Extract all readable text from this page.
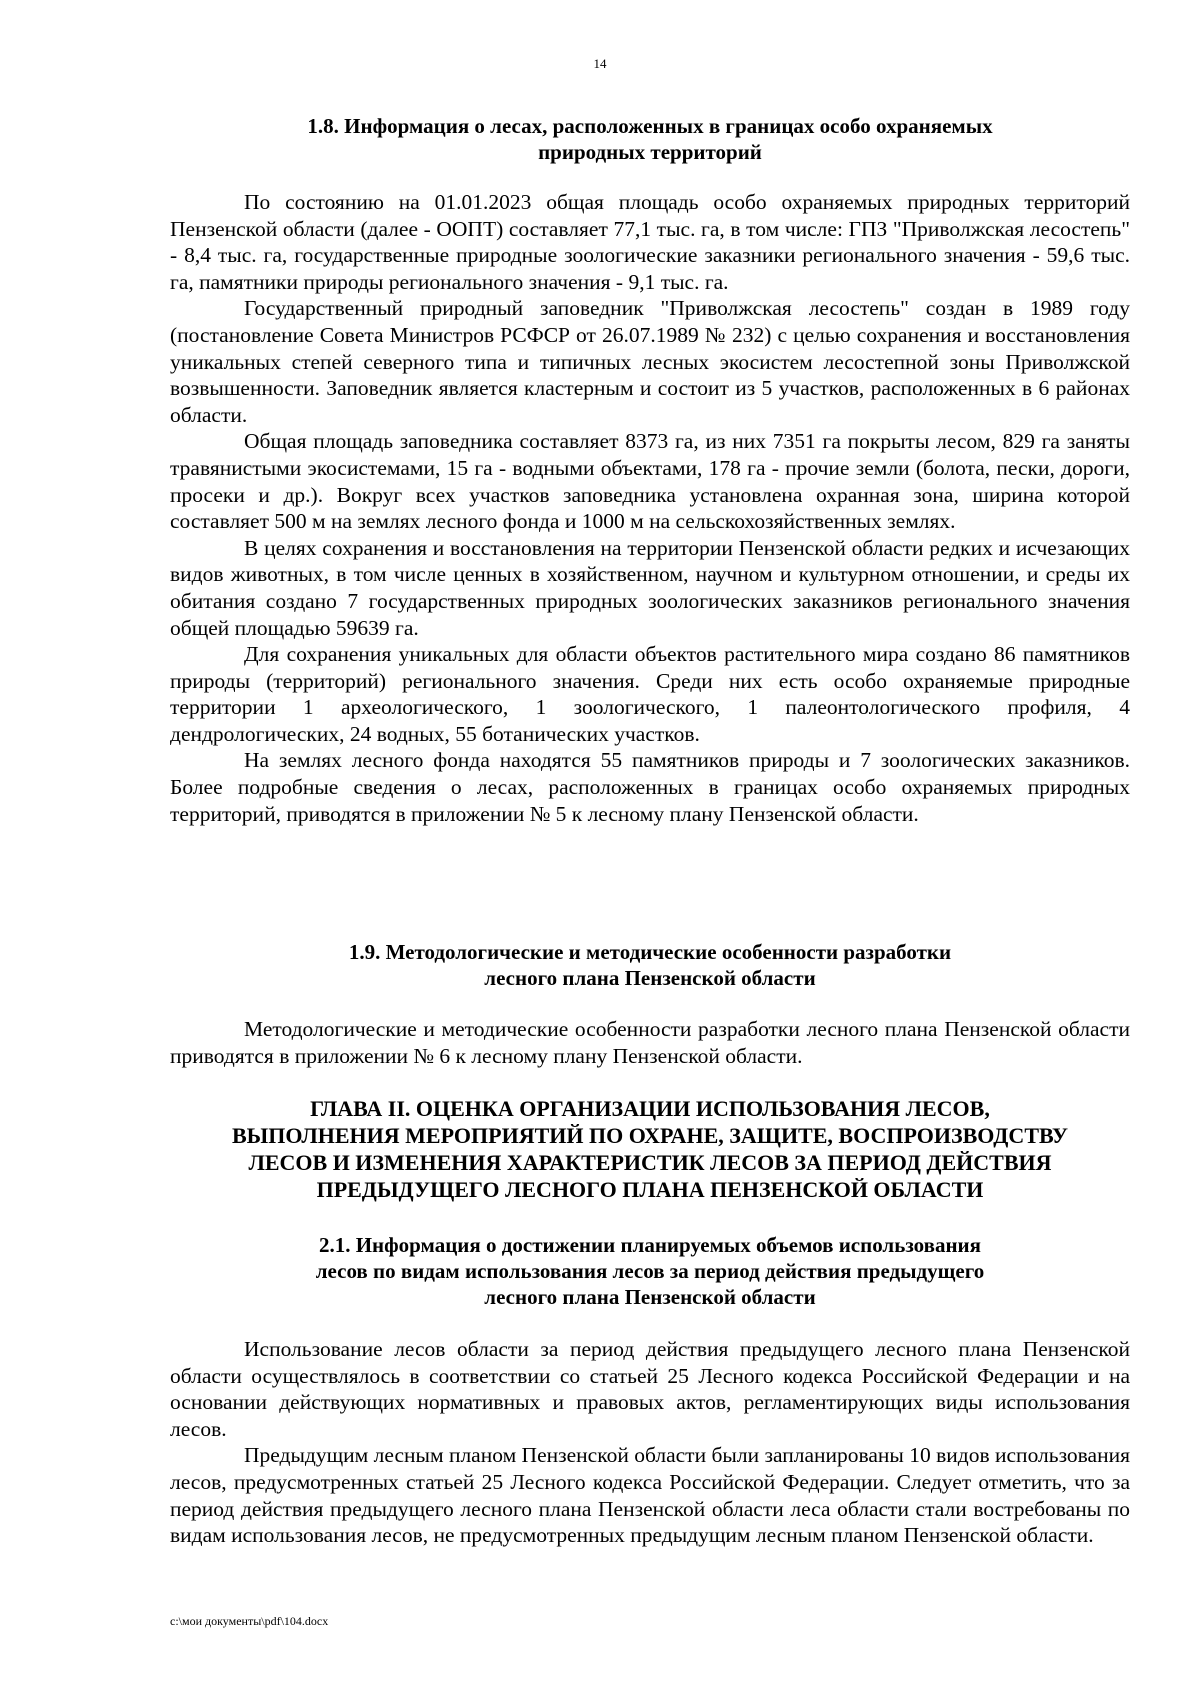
14
1.8. Информация о лесах, расположенных в границах особо охраняемых
природных территорий

По состоянию на 01.01.2023 общая площадь особо охраняемых природных территорий Пензенской области (далее - ООПТ) составляет 77,1 тыс. га, в том числе: ГПЗ "Приволжская лесостепь" - 8,4 тыс. га, государственные природные зоологические заказники регионального значения - 59,6 тыс. га, памятники природы регионального значения - 9,1 тыс. га.

Государственный природный заповедник "Приволжская лесостепь" создан в 1989 году (постановление Совета Министров РСФСР от 26.07.1989 № 232) с целью сохранения и восстановления уникальных степей северного типа и типичных лесных экосистем лесостепной зоны Приволжской возвышенности. Заповедник является кластерным и состоит из 5 участков, расположенных в 6 районах области.

Общая площадь заповедника составляет 8373 га, из них 7351 га покрыты лесом, 829 га заняты травянистыми экосистемами, 15 га - водными объектами, 178 га - прочие земли (болота, пески, дороги, просеки и др.). Вокруг всех участков заповедника установлена охранная зона, ширина которой составляет 500 м на землях лесного фонда и 1000 м на сельскохозяйственных землях.

В целях сохранения и восстановления на территории Пензенской области редких и исчезающих видов животных, в том числе ценных в хозяйственном, научном и культурном отношении, и среды их обитания создано 7 государственных природных зоологических заказников регионального значения общей площадью 59639 га.

Для сохранения уникальных для области объектов растительного мира создано 86 памятников природы (территорий) регионального значения. Среди них есть особо охраняемые природные территории 1 археологического, 1 зоологического, 1 палеонтологического профиля, 4 дендрологических, 24 водных, 55 ботанических участков.

На землях лесного фонда находятся 55 памятников природы и 7 зоологических заказников. Более подробные сведения о лесах, расположенных в границах особо охраняемых природных территорий, приводятся в приложении № 5 к лесному плану Пензенской области.

1.9. Методологические и методические особенности разработки
лесного плана Пензенской области

Методологические и методические особенности разработки лесного плана Пензенской области приводятся в приложении № 6 к лесному плану Пензенской области.

ГЛАВА II. ОЦЕНКА ОРГАНИЗАЦИИ ИСПОЛЬЗОВАНИЯ ЛЕСОВ,
ВЫПОЛНЕНИЯ МЕРОПРИЯТИЙ ПО ОХРАНЕ, ЗАЩИТЕ, ВОСПРОИЗВОДСТВУ
ЛЕСОВ И ИЗМЕНЕНИЯ ХАРАКТЕРИСТИК ЛЕСОВ ЗА ПЕРИОД ДЕЙСТВИЯ
ПРЕДЫДУЩЕГО ЛЕСНОГО ПЛАНА ПЕНЗЕНСКОЙ ОБЛАСТИ
2.1. Информация о достижении планируемых объемов использования
лесов по видам использования лесов за период действия предыдущего
лесного плана Пензенской области

Использование лесов области за период действия предыдущего лесного плана Пензенской области осуществлялось в соответствии со статьей 25 Лесного кодекса Российской Федерации и на основании действующих нормативных и правовых актов, регламентирующих виды использования лесов.

Предыдущим лесным планом Пензенской области были запланированы 10 видов использования лесов, предусмотренных статьей 25 Лесного кодекса Российской Федерации. Следует отметить, что за период действия предыдущего лесного плана Пензенской области леса области стали востребованы по видам использования лесов, не предусмотренных предыдущим лесным планом Пензенской области.

c:\мои документы\pdf\104.docx
